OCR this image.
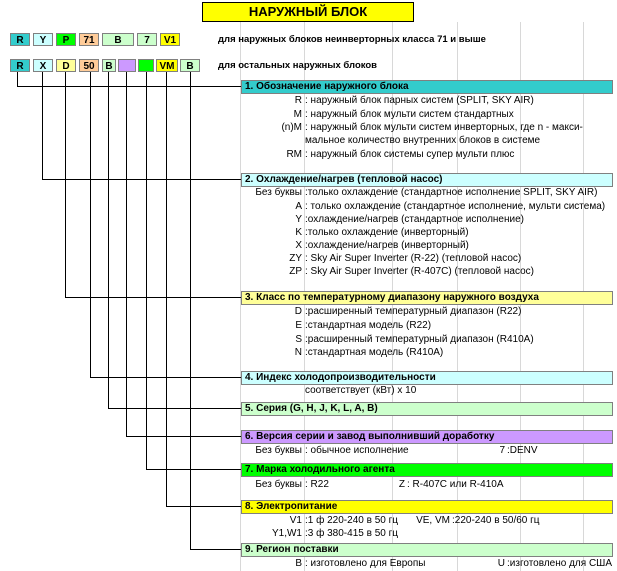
НАРУЖНЫЙ БЛОК
R	Y	P	71	B	7	V1	для наружных блоков неинверторных класса 71 и выше
R	X	D	50	B	VM	B	для остальных наружных блоков
1. Обозначение наружного блока
R : наружный блок парных систем (SPLIT, SKY AIR)
M : наружный блок мульти систем стандартных
(n)M : наружный блок мульти систем инверторных, где n - макси-
мальное количество внутренних блоков в системе
RM : наружный блок системы супер мульти плюс
2. Охлаждение/нагрев (тепловой насос)
Без буквы :только охлаждение (стандартное исполнение SPLIT, SKY AIR)
A : только охлаждение (стандартное исполнение, мульти система)
Y :охлаждение/нагрев (стандартное исполнение)
K :только охлаждение (инверторный)
X :охлаждение/нагрев (инверторный)
ZY : Sky Air Super Inverter (R-22) (тепловой насос)
ZP : Sky Air Super Inverter (R-407C) (тепловой насос)
3. Класс по температурному диапазону наружного воздуха
D :расширенный температурный диапазон (R22)
E :стандартная модель (R22)
S :расширенный температурный диапазон (R410A)
N :стандартная модель (R410A)
4. Индекс холодопроизводительности
соответствует (кВт) х 10
5. Серия (G, H, J, K, L, A, B)
6. Версия серии и завод выполнивший доработку
Без буквы : обычное исполнение	7 :DENV
7. Марка холодильного агента
Без буквы : R22	Z : R-407C или R-410A
8. Электропитание
V1 :1 ф 220-240 в 50 гц	VE, VM :220-240 в 50/60 гц
Y1,W1 :3 ф 380-415 в 50 гц
9. Регион поставки
B : изготовлено для Европы	U :изготовлено для США
